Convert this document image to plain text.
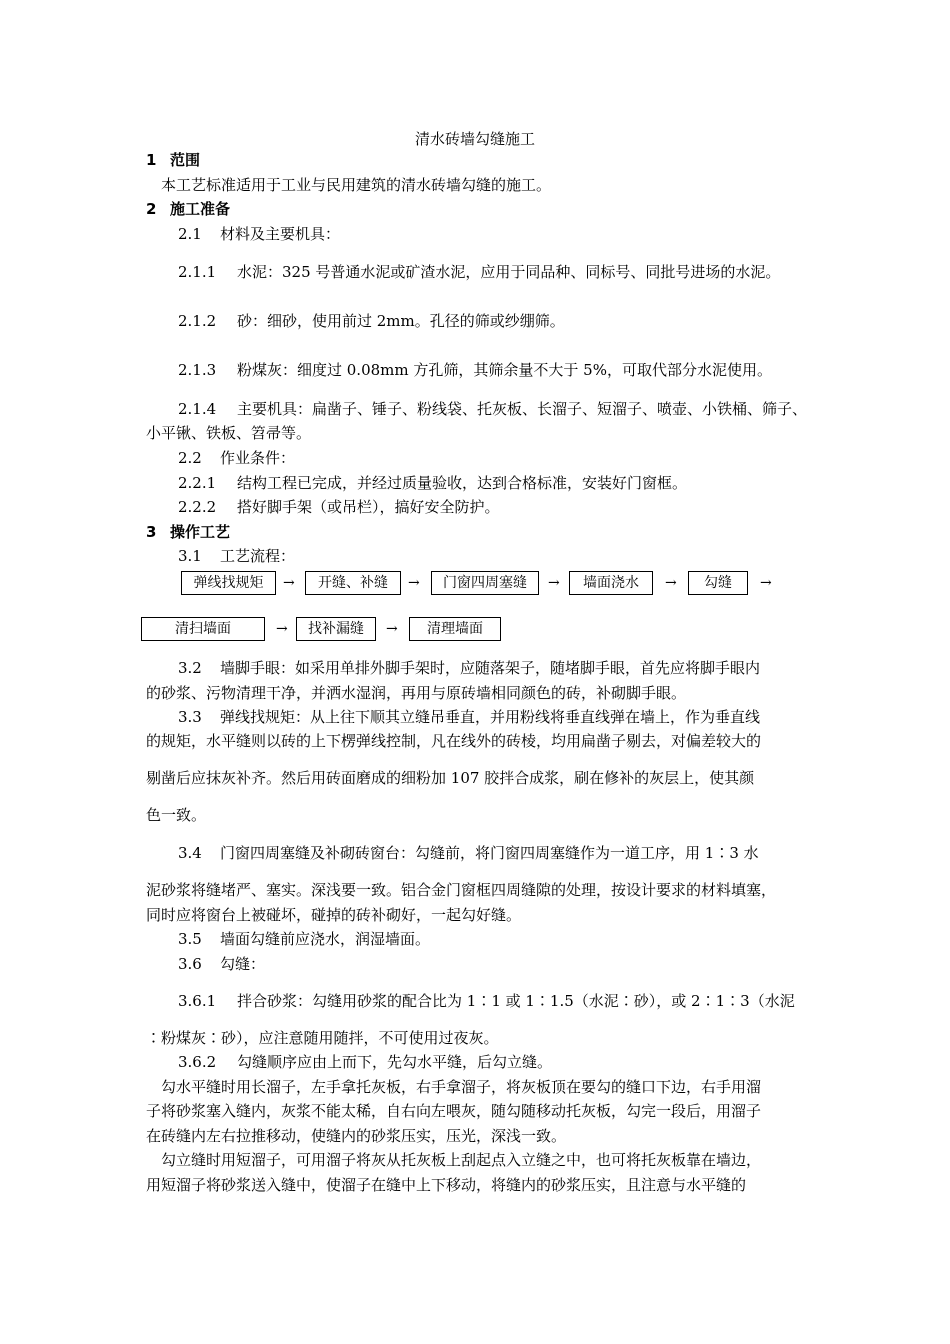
清水砖墙勾缝施工
1 范围
本工艺标准适用于工业与民用建筑的清水砖墙勾缝的施工。
2 施工准备
2.1 材料及主要机具：
2.1.1 水泥：325 号普通水泥或矿渣水泥，应用于同品种、同标号、同批号进场的水泥。
2.1.2 砂：细砂，使用前过 2mm。孔径的筛或纱绷筛。
2.1.3 粉煤灰：细度过 0.08mm 方孔筛，其筛余量不大于 5%，可取代部分水泥使用。
2.1.4 主要机具：扁凿子、锤子、粉线袋、托灰板、长溜子、短溜子、喷壶、小铁桶、筛子、
小平锹、铁板、笤帚等。
2.2 作业条件：
2.2.1 结构工程已完成，并经过质量验收，达到合格标准，安装好门窗框。
2.2.2 搭好脚手架（或吊栏），搞好安全防护。
3 操作工艺
3.1 工艺流程：
弹线找规矩	→	开缝、补缝	→	门窗四周塞缝	→	墙面浇水	→	勾缝	→
清扫墙面	→	找补漏缝	→	清理墙面
3.2 墙脚手眼：如采用单排外脚手架时，应随落架子，随堵脚手眼，首先应将脚手眼内
的砂浆、污物清理干净，并洒水湿润，再用与原砖墙相同颜色的砖，补砌脚手眼。
3.3 弹线找规矩：从上往下顺其立缝吊垂直，并用粉线将垂直线弹在墙上，作为垂直线
的规矩，水平缝则以砖的上下楞弹线控制，凡在线外的砖棱，均用扁凿子剔去，对偏差较大的
剔凿后应抹灰补齐。然后用砖面磨成的细粉加 107 胶拌合成浆，刷在修补的灰层上，使其颜
色一致。
3.4 门窗四周塞缝及补砌砖窗台：勾缝前，将门窗四周塞缝作为一道工序，用 1∶3 水
泥砂浆将缝堵严、塞实。深浅要一致。铝合金门窗框四周缝隙的处理，按设计要求的材料填塞，
同时应将窗台上被碰坏，碰掉的砖补砌好，一起勾好缝。
3.5 墙面勾缝前应浇水，润湿墙面。
3.6 勾缝：
3.6.1 拌合砂浆：勾缝用砂浆的配合比为 1∶1 或 1∶1.5（水泥∶砂），或 2∶1∶3（水泥
∶粉煤灰∶砂），应注意随用随拌，不可使用过夜灰。
3.6.2 勾缝顺序应由上而下，先勾水平缝，后勾立缝。
勾水平缝时用长溜子，左手拿托灰板，右手拿溜子，将灰板顶在要勾的缝口下边，右手用溜
子将砂浆塞入缝内，灰浆不能太稀，自右向左喂灰，随勾随移动托灰板，勾完一段后，用溜子
在砖缝内左右拉推移动，使缝内的砂浆压实，压光，深浅一致。
勾立缝时用短溜子，可用溜子将灰从托灰板上刮起点入立缝之中，也可将托灰板靠在墙边，
用短溜子将砂浆送入缝中，使溜子在缝中上下移动，将缝内的砂浆压实，且注意与水平缝的
